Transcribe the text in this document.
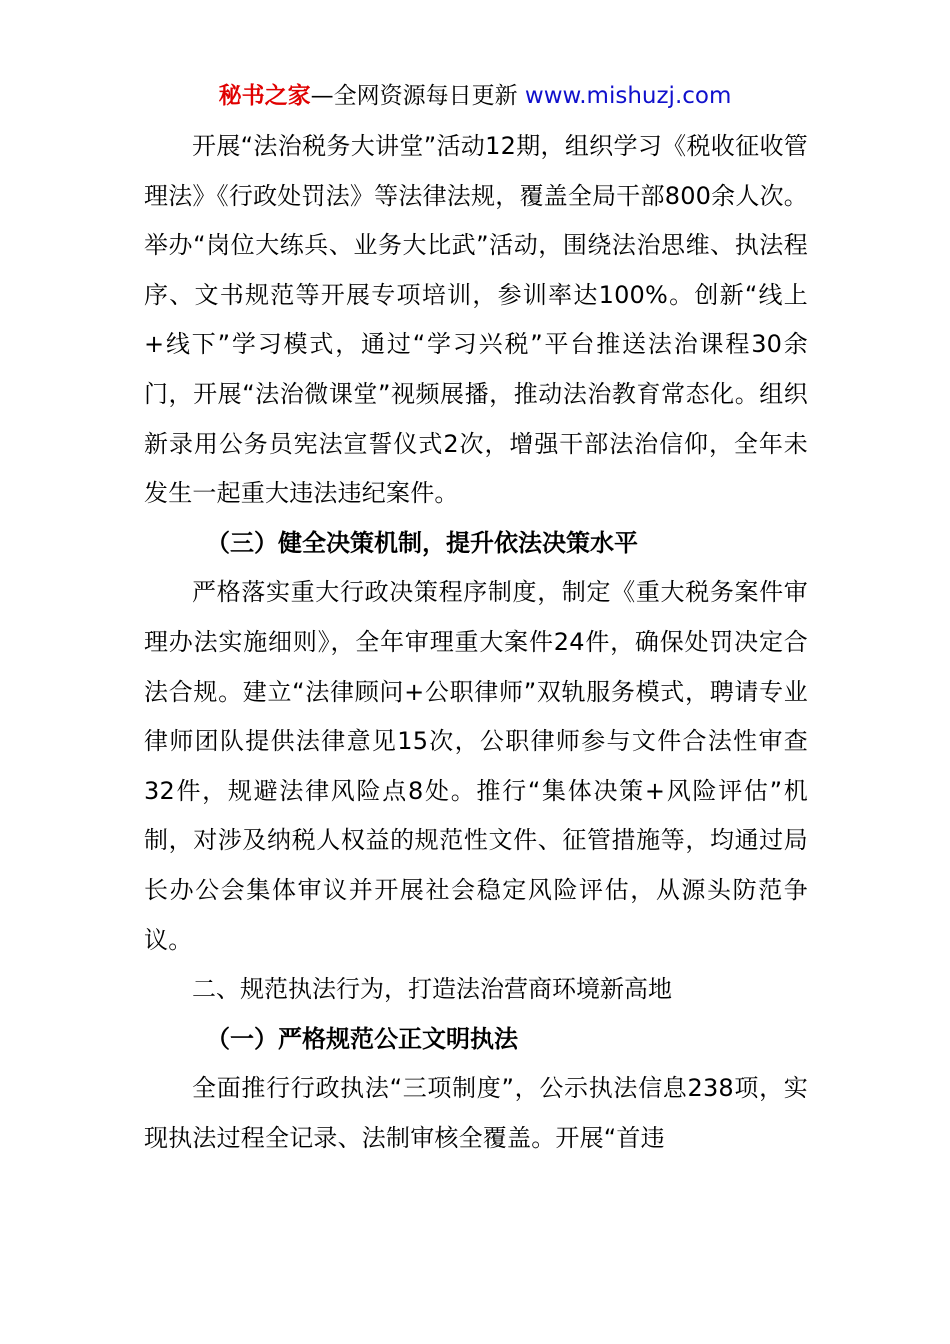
秘书之家—全网资源每日更新 www.mishuzj.com

开展“法治税务大讲堂”活动12期，组织学习《税收征收管理法》《行政处罚法》等法律法规，覆盖全局干部800余人次。举办“岗位大练兵、业务大比武”活动，围绕法治思维、执法程序、文书规范等开展专项培训，参训率达100%。创新“线上+线下”学习模式，通过“学习兴税”平台推送法治课程30余门，开展“法治微课堂”视频展播，推动法治教育常态化。组织新录用公务员宪法宣誓仪式2次，增强干部法治信仰，全年未发生一起重大违法违纪案件。

（三）健全决策机制，提升依法决策水平

严格落实重大行政决策程序制度，制定《重大税务案件审理办法实施细则》，全年审理重大案件24件，确保处罚决定合法合规。建立“法律顾问+公职律师”双轨服务模式，聘请专业律师团队提供法律意见15次，公职律师参与文件合法性审查32件，规避法律风险点8处。推行“集体决策+风险评估”机制，对涉及纳税人权益的规范性文件、征管措施等，均通过局长办公会集体审议并开展社会稳定风险评估，从源头防范争议。

二、规范执法行为，打造法治营商环境新高地

（一）严格规范公正文明执法

全面推行行政执法“三项制度”，公示执法信息238项，实现执法过程全记录、法制审核全覆盖。开展“首违
